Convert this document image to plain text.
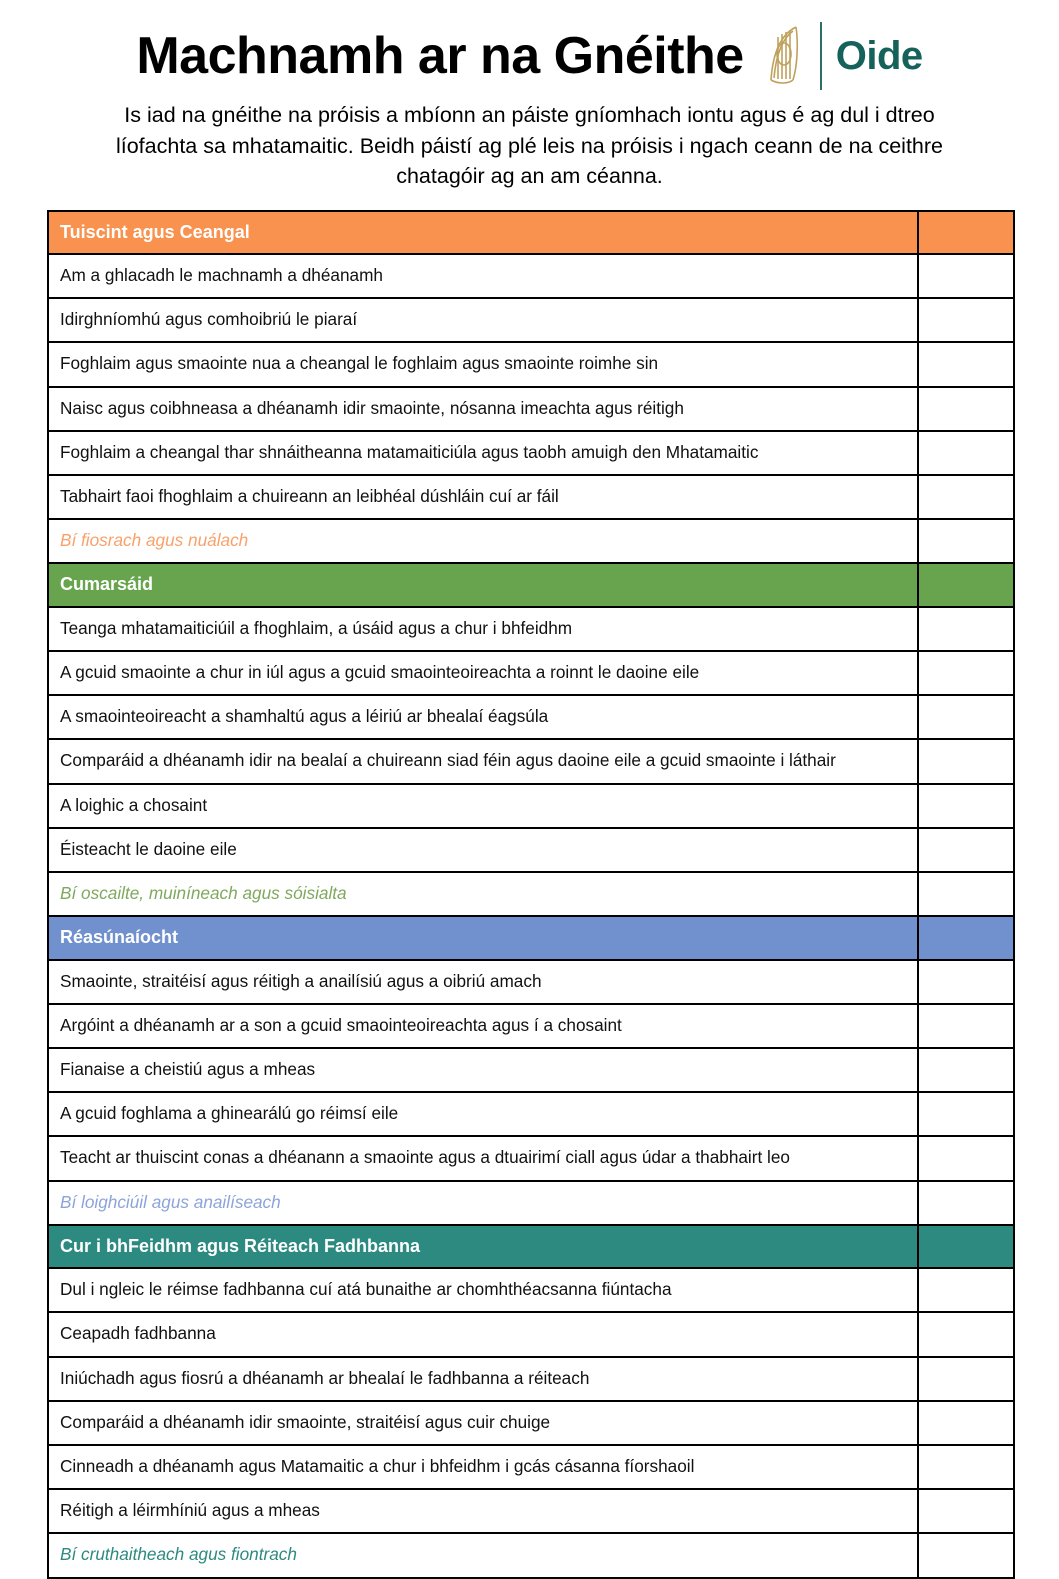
Machnamh ar na Gnéithe Oide
Is iad na gnéithe na próisis a mbíonn an páiste gníomhach iontu agus é ag dul i dtreo líofachta sa mhatamaitic. Beidh páistí ag plé leis na próisis i ngach ceann de na ceithre chatagóir ag an am céanna.
Tuiscint agus Ceangal	

Am a ghlacadh le machnamh a dhéanamh	

Idirghníomhú agus comhoibriú le piaraí	

Foghlaim agus smaointe nua a cheangal le foghlaim agus smaointe roimhe sin	

Naisc agus coibhneasa a dhéanamh idir smaointe, nósanna imeachta agus réitigh	

Foghlaim a cheangal thar shnáitheanna matamaiticiúla agus taobh amuigh den Mhatamaitic	

Tabhairt faoi fhoghlaim a chuireann an leibhéal dúshláin cuí ar fáil	

Bí fiosrach agus nuálach	

Cumarsáid	

Teanga mhatamaiticiúil a fhoghlaim, a úsáid agus a chur i bhfeidhm	

A gcuid smaointe a chur in iúl agus a gcuid smaointeoireachta a roinnt le daoine eile	

A smaointeoireacht a shamhaltú agus a léiriú ar bhealaí éagsúla	

Comparáid a dhéanamh idir na bealaí a chuireann siad féin agus daoine eile a gcuid smaointe i láthair	

A loighic a chosaint	

Éisteacht le daoine eile	

Bí oscailte, muiníneach agus sóisialta	

Réasúnaíocht	

Smaointe, straitéisí agus réitigh a anailísiú agus a oibriú amach	

Argóint a dhéanamh ar a son a gcuid smaointeoireachta agus í a chosaint	

Fianaise a cheistiú agus a mheas	

A gcuid foghlama a ghinearálú go réimsí eile	

Teacht ar thuiscint conas a dhéanann a smaointe agus a dtuairimí ciall agus údar a thabhairt leo	

Bí loighciúil agus anailíseach	

Cur i bhFeidhm agus Réiteach Fadhbanna	

Dul i ngleic le réimse fadhbanna cuí atá bunaithe ar chomhthéacsanna fiúntacha	

Ceapadh fadhbanna	

Iniúchadh agus fiosrú a dhéanamh ar bhealaí le fadhbanna a réiteach	

Comparáid a dhéanamh idir smaointe, straitéisí agus cuir chuige	

Cinneadh a dhéanamh agus Matamaitic a chur i bhfeidhm i gcás cásanna fíorshaoil	

Réitigh a léirmhíniú agus a mheas	

Bí cruthaitheach agus fiontrach	
